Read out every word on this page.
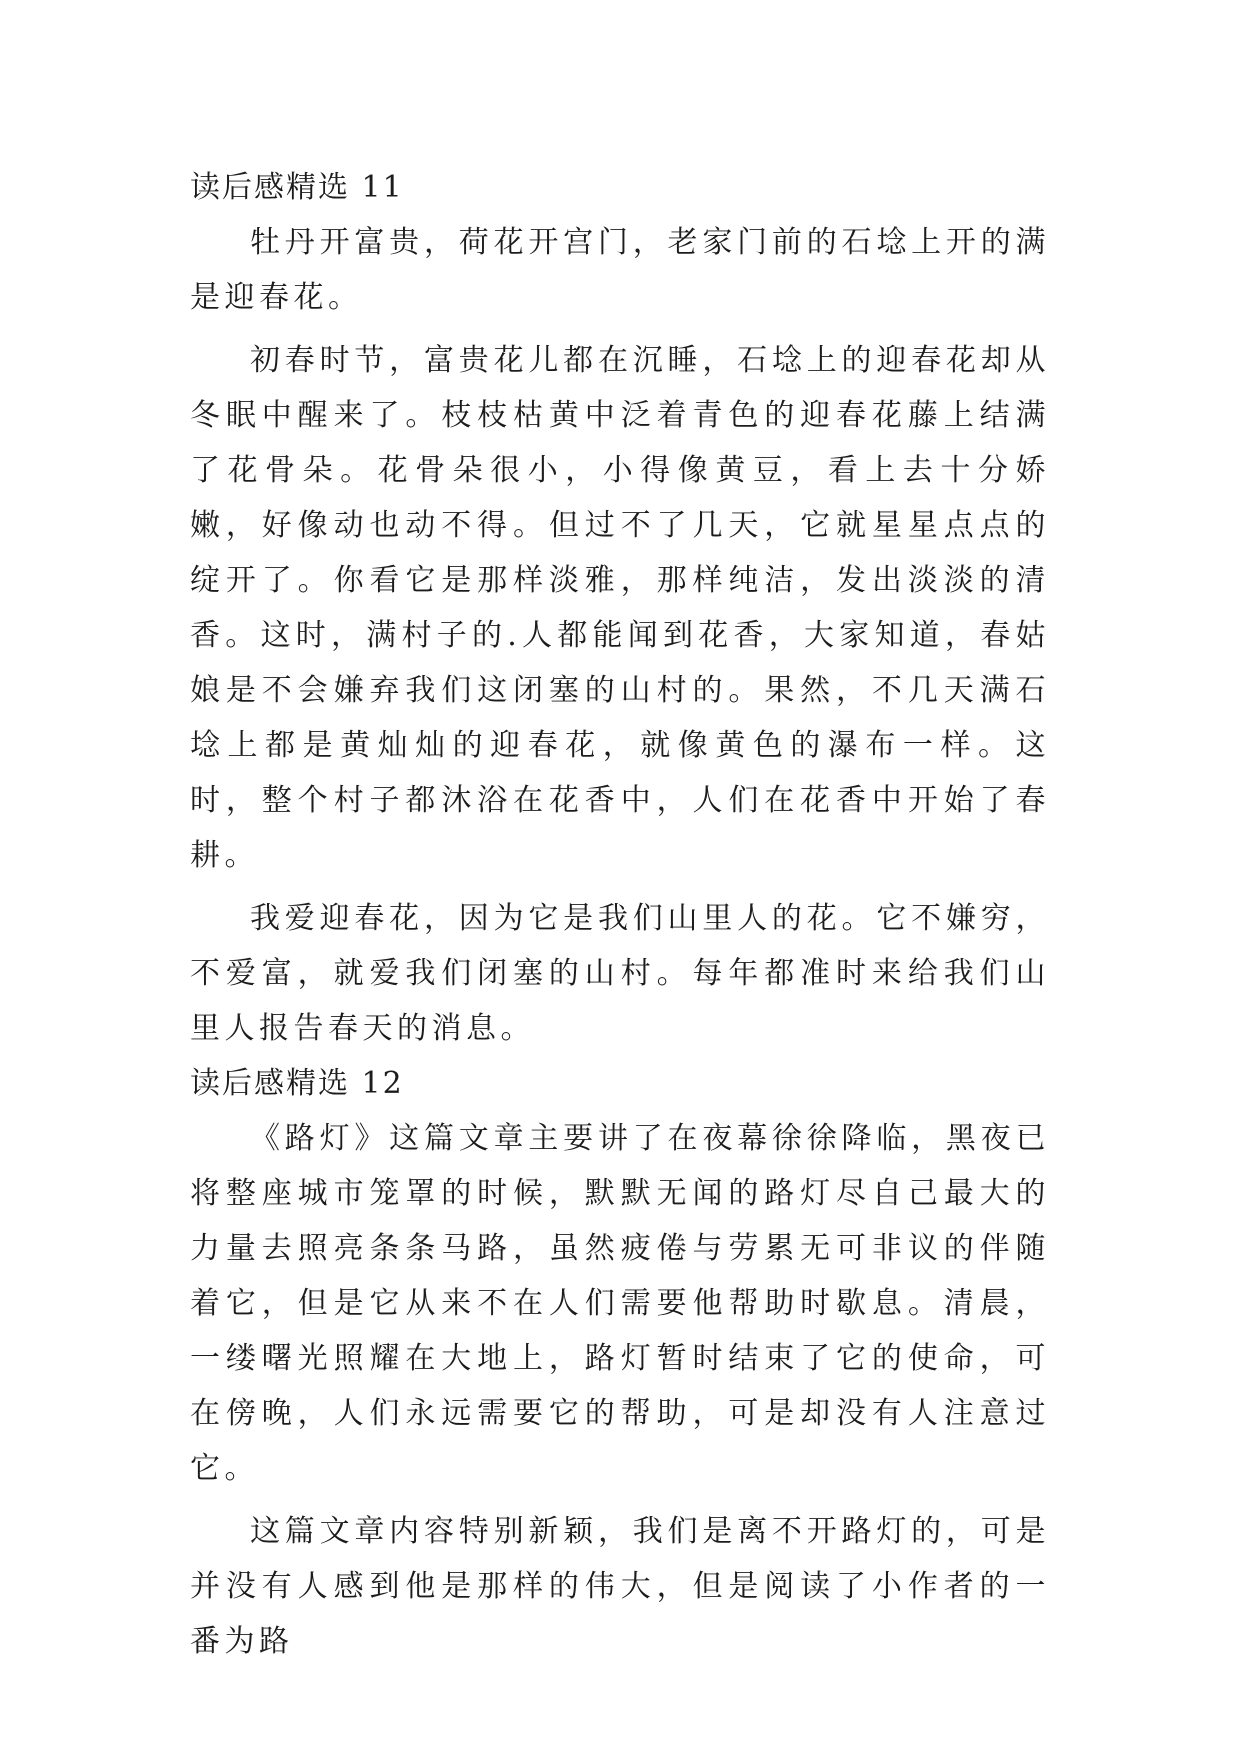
读后感精选 11

牡丹开富贵，荷花开宫门，老家门前的石埝上开的满是迎春花。

初春时节，富贵花儿都在沉睡，石埝上的迎春花却从冬眠中醒来了。枝枝枯黄中泛着青色的迎春花藤上结满了花骨朵。花骨朵很小，小得像黄豆，看上去十分娇嫩，好像动也动不得。但过不了几天，它就星星点点的绽开了。你看它是那样淡雅，那样纯洁，发出淡淡的清香。这时，满村子的.人都能闻到花香，大家知道，春姑娘是不会嫌弃我们这闭塞的山村的。果然，不几天满石埝上都是黄灿灿的迎春花，就像黄色的瀑布一样。这时，整个村子都沐浴在花香中，人们在花香中开始了春耕。

我爱迎春花，因为它是我们山里人的花。它不嫌穷，不爱富，就爱我们闭塞的山村。每年都准时来给我们山里人报告春天的消息。

读后感精选 12

《路灯》这篇文章主要讲了在夜幕徐徐降临，黑夜已将整座城市笼罩的时候，默默无闻的路灯尽自己最大的力量去照亮条条马路，虽然疲倦与劳累无可非议的伴随着它，但是它从来不在人们需要他帮助时歇息。清晨，一缕曙光照耀在大地上，路灯暂时结束了它的使命，可在傍晚，人们永远需要它的帮助，可是却没有人注意过它。

这篇文章内容特别新颖，我们是离不开路灯的，可是并没有人感到他是那样的伟大，但是阅读了小作者的一番为路
